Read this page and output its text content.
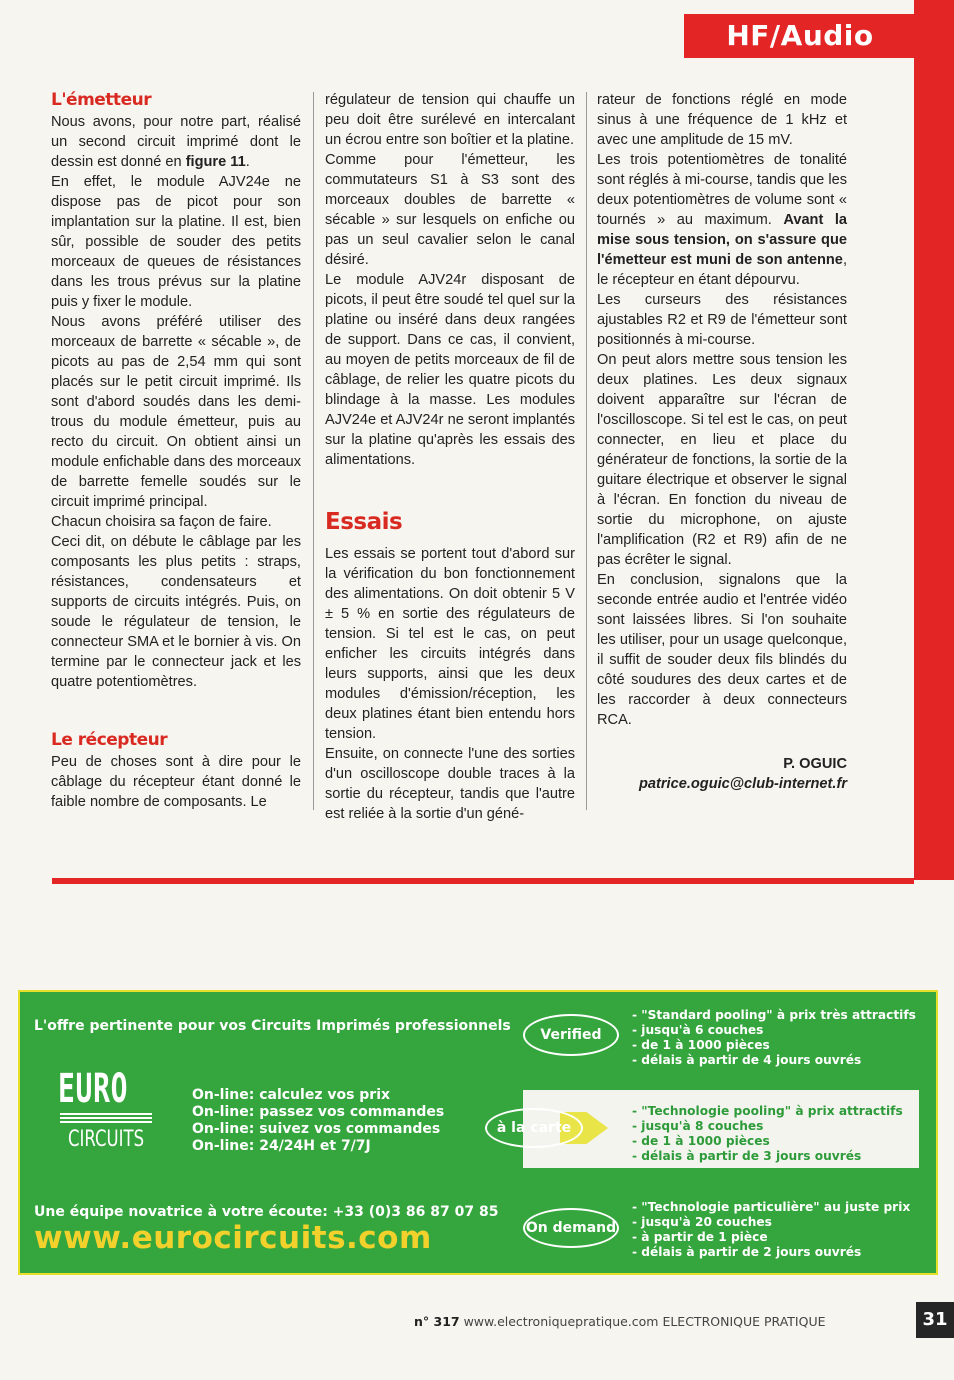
HF/Audio

L'émetteur

Nous avons, pour notre part, réalisé un second circuit imprimé dont le dessin est donné en figure 11.

En effet, le module AJV24e ne dispose pas de picot pour son implantation sur la platine. Il est, bien sûr, possible de souder des petits morceaux de queues de résistances dans les trous prévus sur la platine puis y fixer le module.

Nous avons préféré utiliser des morceaux de barrette « sécable », de picots au pas de 2,54 mm qui sont placés sur le petit circuit imprimé. Ils sont d'abord soudés dans les demi-trous du module émetteur, puis au recto du circuit. On obtient ainsi un module enfichable dans des morceaux de barrette femelle soudés sur le circuit imprimé principal.

Chacun choisira sa façon de faire.

Ceci dit, on débute le câblage par les composants les plus petits : straps, résistances, condensateurs et supports de circuits intégrés. Puis, on soude le régulateur de tension, le connecteur SMA et le bornier à vis. On termine par le connecteur jack et les quatre potentiomètres.

Le récepteur

Peu de choses sont à dire pour le câblage du récepteur étant donné le faible nombre de composants. Le

régulateur de tension qui chauffe un peu doit être surélevé en intercalant un écrou entre son boîtier et la platine.

Comme pour l'émetteur, les commutateurs S1 à S3 sont des morceaux doubles de barrette « sécable » sur lesquels on enfiche ou pas un seul cavalier selon le canal désiré.

Le module AJV24r disposant de picots, il peut être soudé tel quel sur la platine ou inséré dans deux rangées de support. Dans ce cas, il convient, au moyen de petits morceaux de fil de câblage, de relier les quatre picots du blindage à la masse. Les modules AJV24e et AJV24r ne seront implantés sur la platine qu'après les essais des alimentations.

Essais

Les essais se portent tout d'abord sur la vérification du bon fonctionnement des alimentations. On doit obtenir 5 V ± 5 % en sortie des régulateurs de tension. Si tel est le cas, on peut enficher les circuits intégrés dans leurs supports, ainsi que les deux modules d'émission/réception, les deux platines étant bien entendu hors tension.

Ensuite, on connecte l'une des sorties d'un oscilloscope double traces à la sortie du récepteur, tandis que l'autre est reliée à la sortie d'un géné-

rateur de fonctions réglé en mode sinus à une fréquence de 1 kHz et avec une amplitude de 15 mV.

Les trois potentiomètres de tonalité sont réglés à mi-course, tandis que les deux potentiomètres de volume sont « tournés » au maximum. Avant la mise sous tension, on s'assure que l'émetteur est muni de son antenne, le récepteur en étant dépourvu.

Les curseurs des résistances ajustables R2 et R9 de l'émetteur sont positionnés à mi-course.

On peut alors mettre sous tension les deux platines. Les deux signaux doivent apparaître sur l'écran de l'oscilloscope. Si tel est le cas, on peut connecter, en lieu et place du générateur de fonctions, la sortie de la guitare électrique et observer le signal à l'écran. En fonction du niveau de sortie du microphone, on ajuste l'amplification (R2 et R9) afin de ne pas écrêter le signal.

En conclusion, signalons que la seconde entrée audio et l'entrée vidéo sont laissées libres. Si l'on souhaite les utiliser, pour un usage quelconque, il suffit de souder deux fils blindés du côté soudures des deux cartes et de les raccorder à deux connecteurs RCA.

P. OGUIC

patrice.oguic@club-internet.fr

L'offre pertinente pour vos Circuits Imprimés professionnels
EURO
CIRCUITS
On-line: calculez vos prix
On-line: passez vos commandes
On-line: suivez vos commandes
On-line: 24/24H et 7/7J
Une équipe novatrice à votre écoute: +33 (0)3 86 87 07 85
www.eurocircuits.com
Verified
à la carte
On demand
- "Standard pooling" à prix très attractifs
- jusqu'à 6 couches
- de 1 à 1000 pièces
- délais à partir de 4 jours ouvrés
- "Technologie pooling" à prix attractifs
- jusqu'à 8 couches
- de 1 à 1000 pièces
- délais à partir de 3 jours ouvrés
- "Technologie particulière" au juste prix
- jusqu'à 20 couches
- à partir de 1 pièce
- délais à partir de 2 jours ouvrés
n° 317 www.electroniquepratique.com ELECTRONIQUE PRATIQUE	31
